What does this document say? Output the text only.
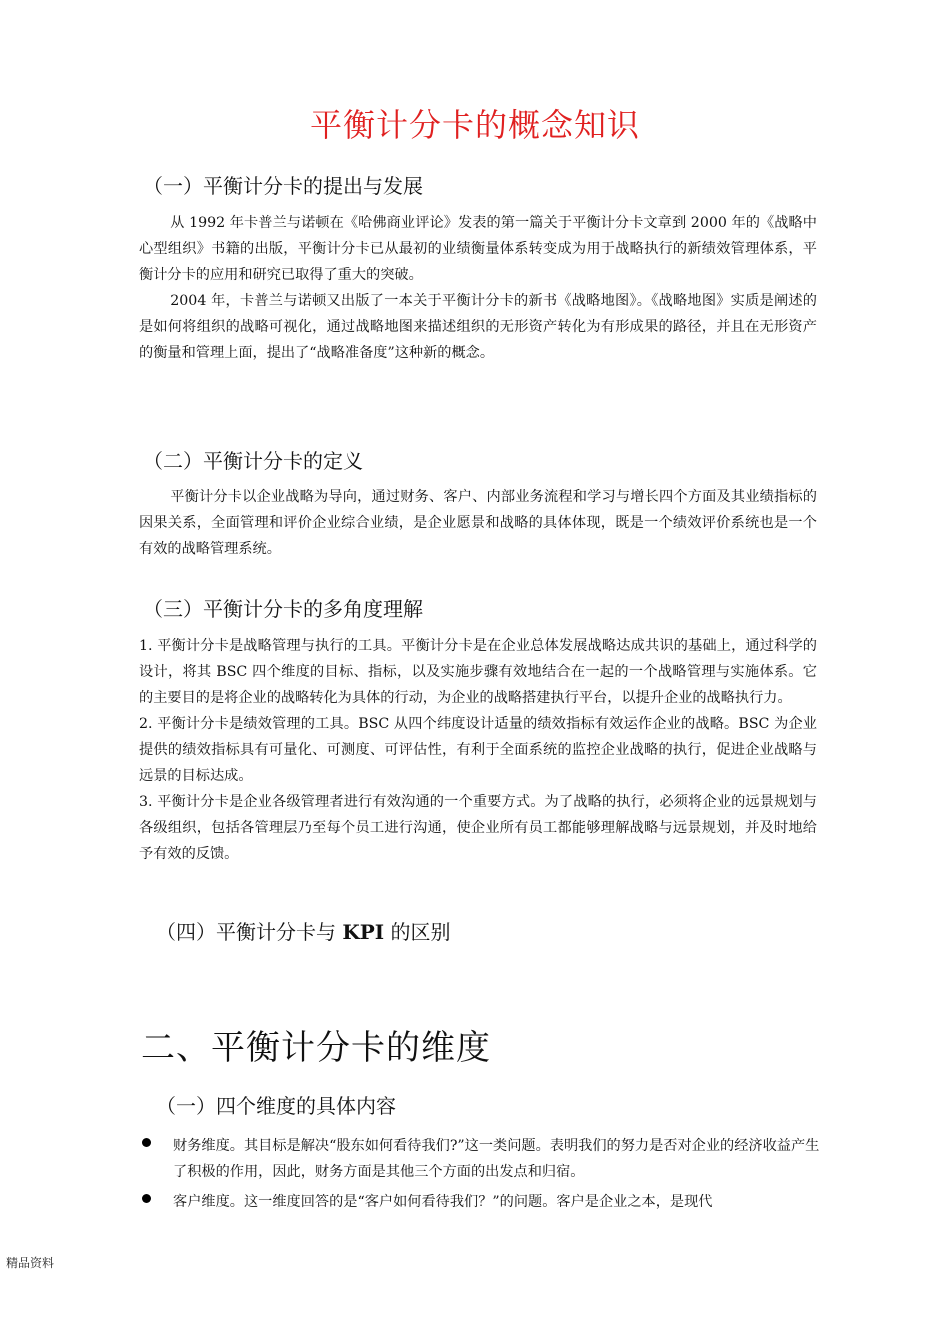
平衡计分卡的概念知识
（一）平衡计分卡的提出与发展

从 1992 年卡普兰与诺顿在《哈佛商业评论》发表的第一篇关于平衡计分卡文章到 2000 年的《战略中心型组织》书籍的出版，平衡计分卡已从最初的业绩衡量体系转变成为用于战略执行的新绩效管理体系，平衡计分卡的应用和研究已取得了重大的突破。

2004 年，卡普兰与诺顿又出版了一本关于平衡计分卡的新书《战略地图》。《战略地图》实质是阐述的是如何将组织的战略可视化，通过战略地图来描述组织的无形资产转化为有形成果的路径，并且在无形资产的衡量和管理上面，提出了“战略准备度”这种新的概念。

（二）平衡计分卡的定义

平衡计分卡以企业战略为导向，通过财务、客户、内部业务流程和学习与增长四个方面及其业绩指标的因果关系，全面管理和评价企业综合业绩，是企业愿景和战略的具体体现，既是一个绩效评价系统也是一个有效的战略管理系统。

（三）平衡计分卡的多角度理解

1. 平衡计分卡是战略管理与执行的工具。平衡计分卡是在企业总体发展战略达成共识的基础上，通过科学的设计，将其 BSC 四个维度的目标、指标，以及实施步骤有效地结合在一起的一个战略管理与实施体系。它的主要目的是将企业的战略转化为具体的行动，为企业的战略搭建执行平台，以提升企业的战略执行力。

2. 平衡计分卡是绩效管理的工具。BSC 从四个纬度设计适量的绩效指标有效运作企业的战略。BSC 为企业提供的绩效指标具有可量化、可测度、可评估性，有利于全面系统的监控企业战略的执行，促进企业战略与远景的目标达成。

3. 平衡计分卡是企业各级管理者进行有效沟通的一个重要方式。为了战略的执行，必须将企业的远景规划与各级组织，包括各管理层乃至每个员工进行沟通，使企业所有员工都能够理解战略与远景规划，并及时地给予有效的反馈。

（四）平衡计分卡与 KPI 的区别
二、平衡计分卡的维度
（一）四个维度的具体内容
财务维度。其目标是解决“股东如何看待我们?”这一类问题。表明我们的努力是否对企业的经济收益产生了积极的作用，因此，财务方面是其他三个方面的出发点和归宿。
客户维度。这一维度回答的是“客户如何看待我们？”的问题。客户是企业之本，是现代
精品资料
